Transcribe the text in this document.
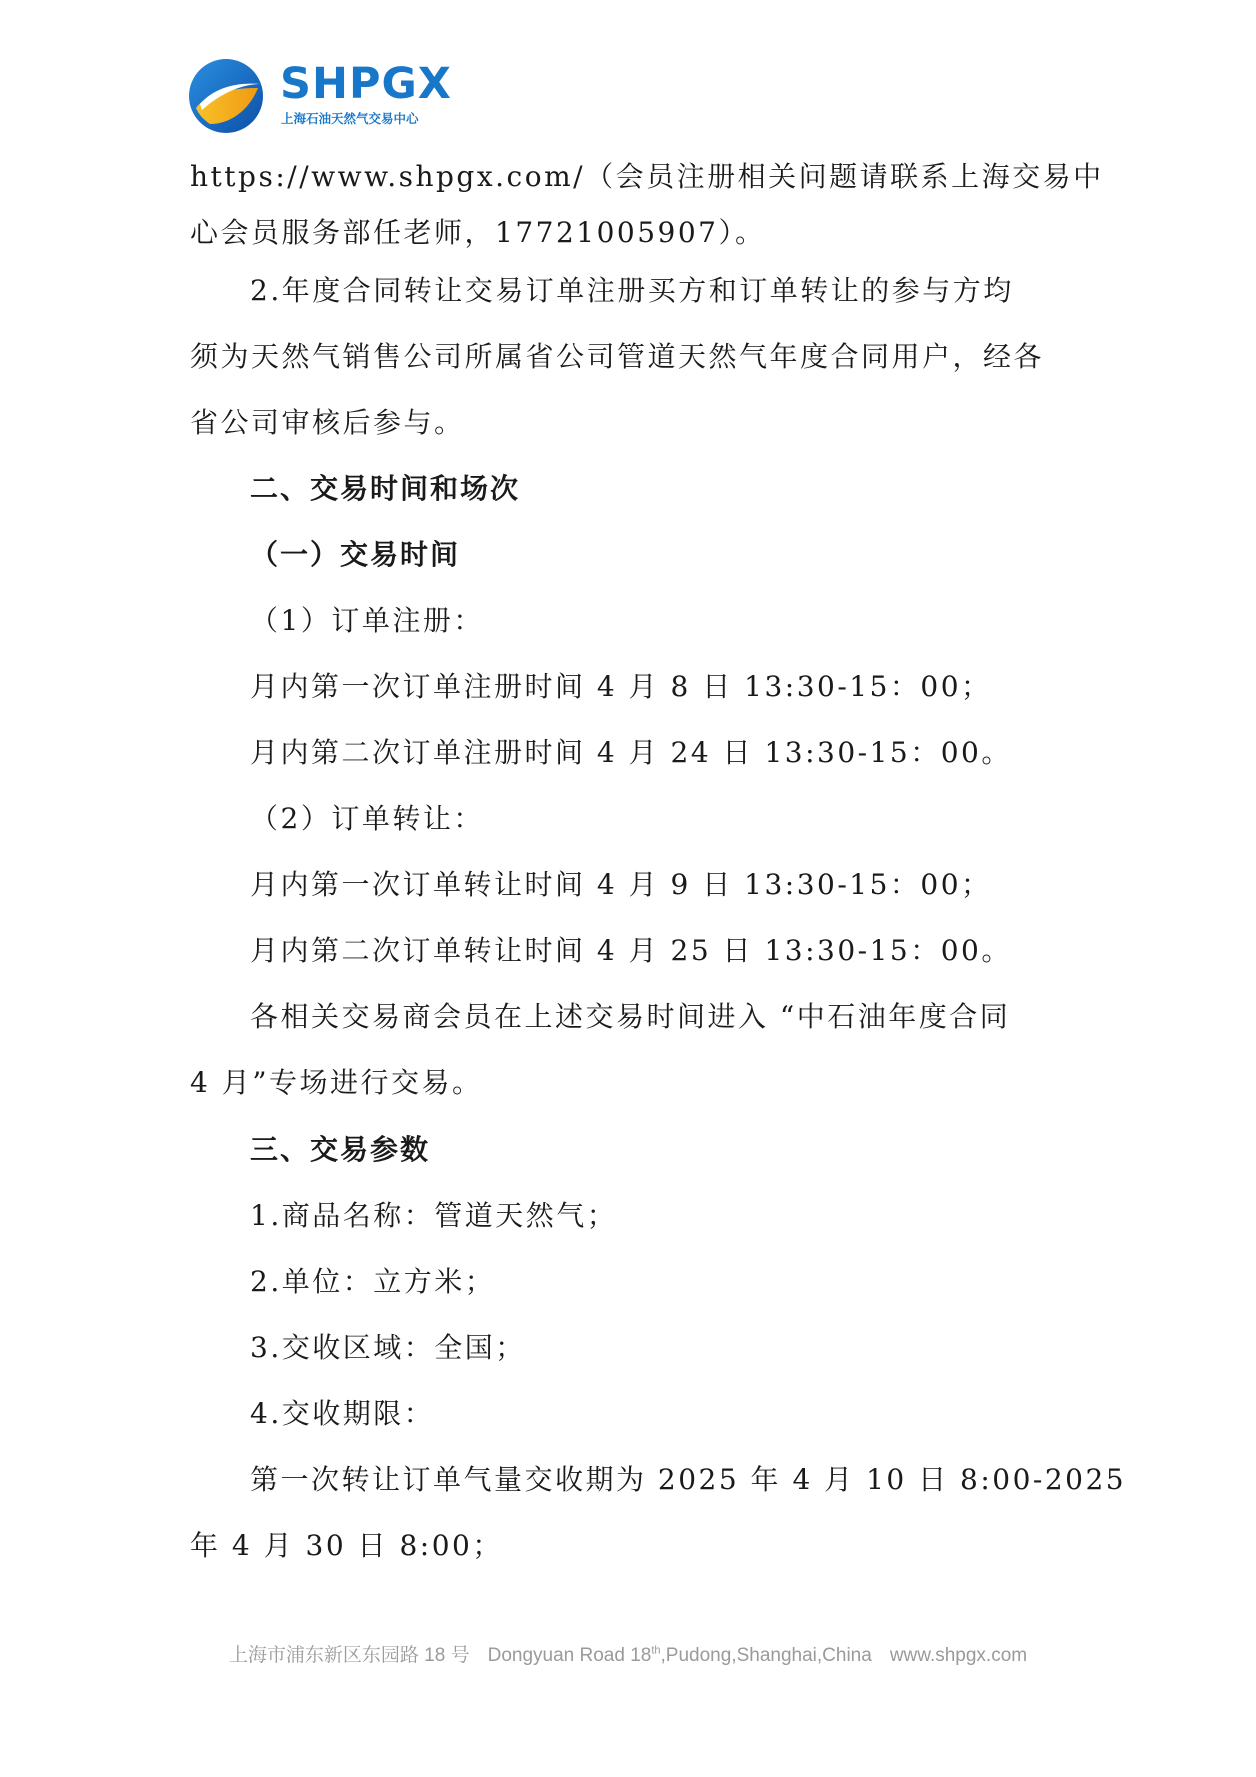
SHPGX
上海石油天然气交易中心
https://www.shpgx.com/（会员注册相关问题请联系上海交易中
心会员服务部任老师，17721005907）。
2.年度合同转让交易订单注册买方和订单转让的参与方均
须为天然气销售公司所属省公司管道天然气年度合同用户，经各
省公司审核后参与。
二、交易时间和场次
（一）交易时间
（1）订单注册：
月内第一次订单注册时间 4 月 8 日 13:30-15：00；
月内第二次订单注册时间 4 月 24 日 13:30-15：00。
（2）订单转让：
月内第一次订单转让时间 4 月 9 日 13:30-15：00；
月内第二次订单转让时间 4 月 25 日 13:30-15：00。
各相关交易商会员在上述交易时间进入 “中石油年度合同
4 月”专场进行交易。
三、交易参数
1.商品名称：管道天然气；
2.单位：立方米；
3.交收区域：全国；
4.交收期限：
第一次转让订单气量交收期为 2025 年 4 月 10 日 8:00-2025
年 4 月 30 日 8:00；
上海市浦东新区东园路 18 号 Dongyuan Road 18th,Pudong,Shanghai,China www.shpgx.com
